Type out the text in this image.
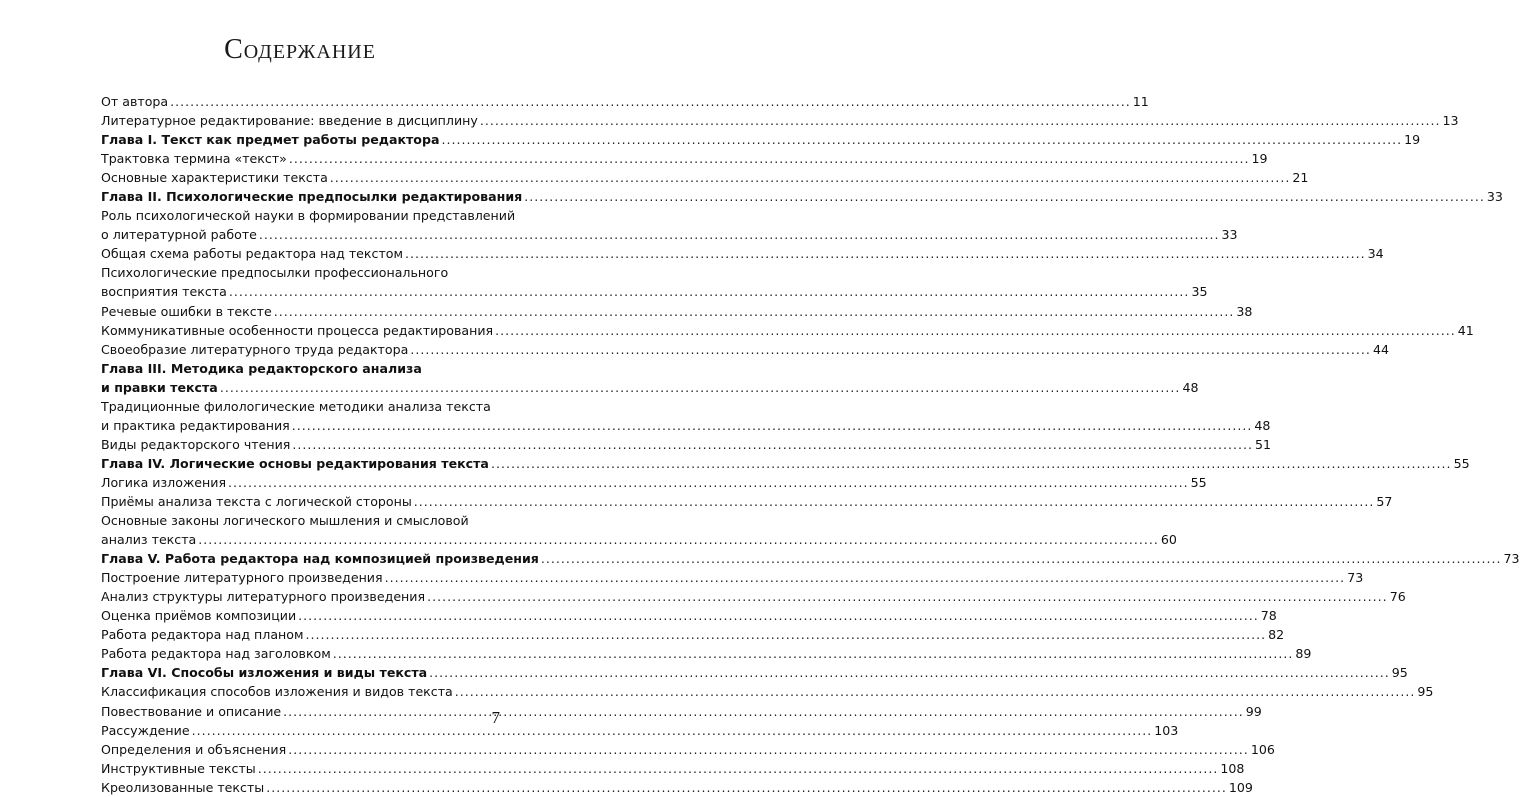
Содержание
От автора .....	11
Литературное редактирование: введение в дисциплину .....	13
Глава I. Текст как предмет работы редактора .....	19
Трактовка термина «текст» .....	19
Основные характеристики текста .....	21
Глава II. Психологические предпосылки редактирования .....	33
Роль психологической науки в формировании представлений
о литературной работе .....	33
Общая схема работы редактора над текстом .....	34
Психологические предпосылки профессионального
восприятия текста .....	35
Речевые ошибки в тексте .....	38
Коммуникативные особенности процесса редактирования .....	41
Своеобразие литературного труда редактора .....	44
Глава III. Методика редакторского анализа
и правки текста .....	48
Традиционные филологические методики анализа текста
и практика редактирования .....	48
Виды редакторского чтения .....	51
Глава IV. Логические основы редактирования текста .....	55
Логика изложения .....	55
Приёмы анализа текста с логической стороны .....	57
Основные законы логического мышления и смысловой
анализ текста .....	60
Глава V. Работа редактора над композицией произведения .....	73
Построение литературного произведения .....	73
Анализ структуры литературного произведения .....	76
Оценка приёмов композиции .....	78
Работа редактора над планом .....	82
Работа редактора над заголовком .....	89
Глава VI. Способы изложения и виды текста .....	95
Классификация способов изложения и видов текста .....	95
Повествование и описание .....	99
Рассуждение .....	103
Определения и объяснения .....	106
Инструктивные тексты .....	108
Креолизованные тексты .....	109
7
